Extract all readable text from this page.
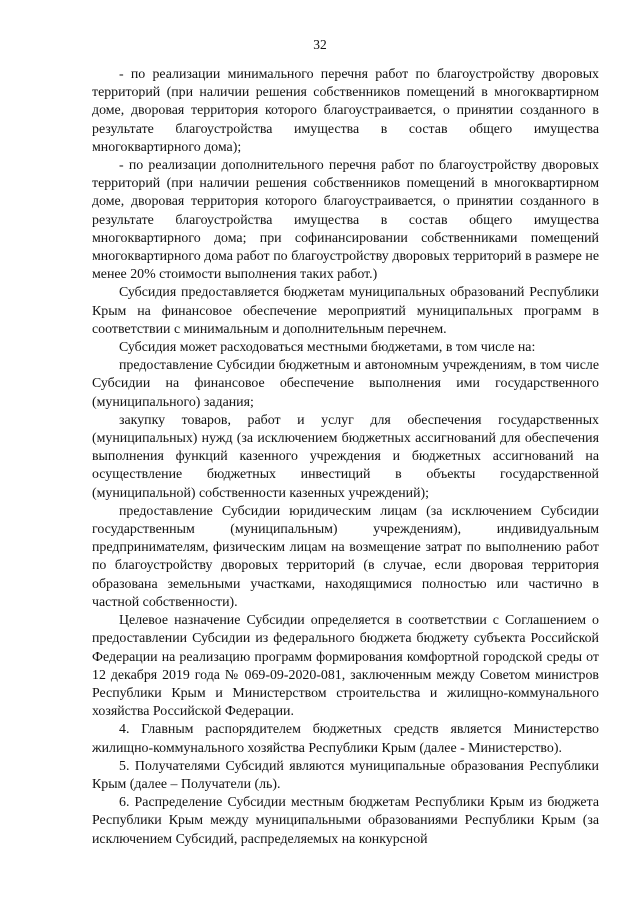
32

- по реализации минимального перечня работ по благоустройству дворовых территорий (при наличии решения собственников помещений в многоквартирном доме, дворовая территория которого благоустраивается, о принятии созданного в результате благоустройства имущества в состав общего имущества многоквартирного дома);

- по реализации дополнительного перечня работ по благоустройству дворовых территорий (при наличии решения собственников помещений в многоквартирном доме, дворовая территория которого благоустраивается, о принятии созданного в результате благоустройства имущества в состав общего имущества многоквартирного дома; при софинансировании собственниками помещений многоквартирного дома работ по благоустройству дворовых территорий в размере не менее 20% стоимости выполнения таких работ.)

Субсидия предоставляется бюджетам муниципальных образований Республики Крым на финансовое обеспечение мероприятий муниципальных программ в соответствии с минимальным и дополнительным перечнем.

Субсидия может расходоваться местными бюджетами, в том числе на:

предоставление Субсидии бюджетным и автономным учреждениям, в том числе Субсидии на финансовое обеспечение выполнения ими государственного (муниципального) задания;

закупку товаров, работ и услуг для обеспечения государственных (муниципальных) нужд (за исключением бюджетных ассигнований для обеспечения выполнения функций казенного учреждения и бюджетных ассигнований на осуществление бюджетных инвестиций в объекты государственной (муниципальной) собственности казенных учреждений);

предоставление Субсидии юридическим лицам (за исключением Субсидии государственным (муниципальным) учреждениям), индивидуальным предпринимателям, физическим лицам на возмещение затрат по выполнению работ по благоустройству дворовых территорий (в случае, если дворовая территория образована земельными участками, находящимися полностью или частично в частной собственности).

Целевое назначение Субсидии определяется в соответствии с Соглашением о предоставлении Субсидии из федерального бюджета бюджету субъекта Российской Федерации на реализацию программ формирования комфортной городской среды от 12 декабря 2019 года № 069-09-2020-081, заключенным между Советом министров Республики Крым и Министерством строительства и жилищно-коммунального хозяйства Российской Федерации.

4. Главным распорядителем бюджетных средств является Министерство жилищно-коммунального хозяйства Республики Крым (далее - Министерство).

5. Получателями Субсидий являются муниципальные образования Республики Крым (далее – Получатели (ль).

6. Распределение Субсидии местным бюджетам Республики Крым из бюджета Республики Крым между муниципальными образованиями Республики Крым (за исключением Субсидий, распределяемых на конкурсной
